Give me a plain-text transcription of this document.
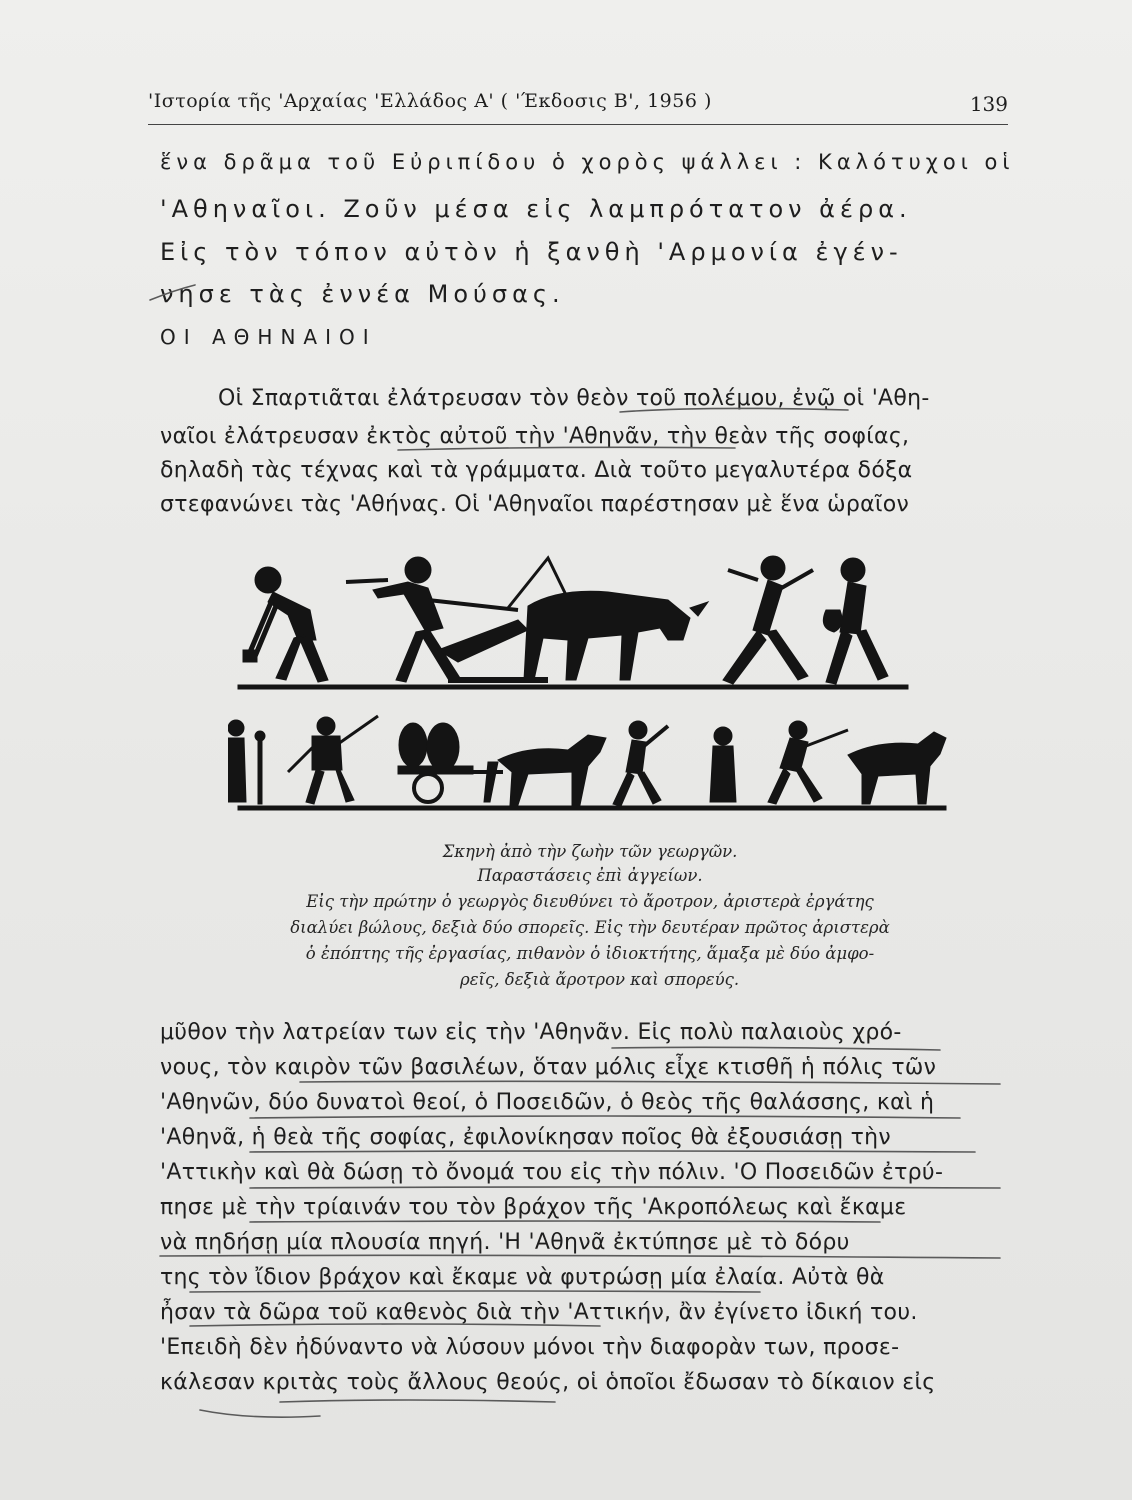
'Ιστορία τῆς 'Αρχαίας 'Ελλάδος Α' ( 'Έκδοσις Β', 1956 )	139
ἕνα δρᾶμα τοῦ Εὐριπίδου ὁ χορὸς ψάλλει : Καλότυχοι οἱ
'Αθηναῖοι. Ζοῦν μέσα εἰς λαμπρότατον ἀέρα.
Εἰς τὸν τόπον αὐτὸν ἡ ξανθὴ 'Αρμονία ἐγέν-
νησε τὰς ἐννέα Μούσας.
ΟΙ ΑΘΗΝΑΙΟΙ
Οἱ Σπαρτιᾶται ἐλάτρευσαν τὸν θεὸν τοῦ πολέμου, ἐνῷ οἱ 'Αθη-
ναῖοι ἐλάτρευσαν ἐκτὸς αὐτοῦ τὴν 'Αθηνᾶν, τὴν θεὰν τῆς σοφίας,
δηλαδὴ τὰς τέχνας καὶ τὰ γράμματα. Διὰ τοῦτο μεγαλυτέρα δόξα
στεφανώνει τὰς 'Αθήνας. Οἱ 'Αθηναῖοι παρέστησαν μὲ ἕνα ὡραῖον
Σκηνὴ ἀπὸ τὴν ζωὴν τῶν γεωργῶν.
Παραστάσεις ἐπὶ ἀγγείων.
Εἰς τὴν πρώτην ὁ γεωργὸς διευθύνει τὸ ἄροτρον, ἀριστερὰ ἐργάτης
διαλύει βώλους, δεξιὰ δύο σπορεῖς. Εἰς τὴν δευτέραν πρῶτος ἀριστερὰ
ὁ ἐπόπτης τῆς ἐργασίας, πιθανὸν ὁ ἰδιοκτήτης, ἅμαξα μὲ δύο ἀμφο-
ρεῖς, δεξιὰ ἄροτρον καὶ σπορεύς.
μῦθον τὴν λατρείαν των εἰς τὴν 'Αθηνᾶν. Εἰς πολὺ παλαιοὺς χρό-
νους, τὸν καιρὸν τῶν βασιλέων, ὅταν μόλις εἶχε κτισθῆ ἡ πόλις τῶν
'Αθηνῶν, δύο δυνατοὶ θεοί, ὁ Ποσειδῶν, ὁ θεὸς τῆς θαλάσσης, καὶ ἡ
'Αθηνᾶ, ἡ θεὰ τῆς σοφίας, ἐφιλονίκησαν ποῖος θὰ ἐξουσιάσῃ τὴν
'Αττικὴν καὶ θὰ δώσῃ τὸ ὄνομά του εἰς τὴν πόλιν. 'Ο Ποσειδῶν ἐτρύ-
πησε μὲ τὴν τρίαινάν του τὸν βράχον τῆς 'Ακροπόλεως καὶ ἔκαμε
νὰ πηδήσῃ μία πλουσία πηγή. 'Η 'Αθηνᾶ ἐκτύπησε μὲ τὸ δόρυ
της τὸν ἴδιον βράχον καὶ ἔκαμε νὰ φυτρώσῃ μία ἐλαία. Αὐτὰ θὰ
ἦσαν τὰ δῶρα τοῦ καθενὸς διὰ τὴν 'Αττικήν, ἂν ἐγίνετο ἰδική του.
'Επειδὴ δὲν ἠδύναντο νὰ λύσουν μόνοι τὴν διαφορὰν των, προσε-
κάλεσαν κριτὰς τοὺς ἄλλους θεούς, οἱ ὁποῖοι ἔδωσαν τὸ δίκαιον εἰς
